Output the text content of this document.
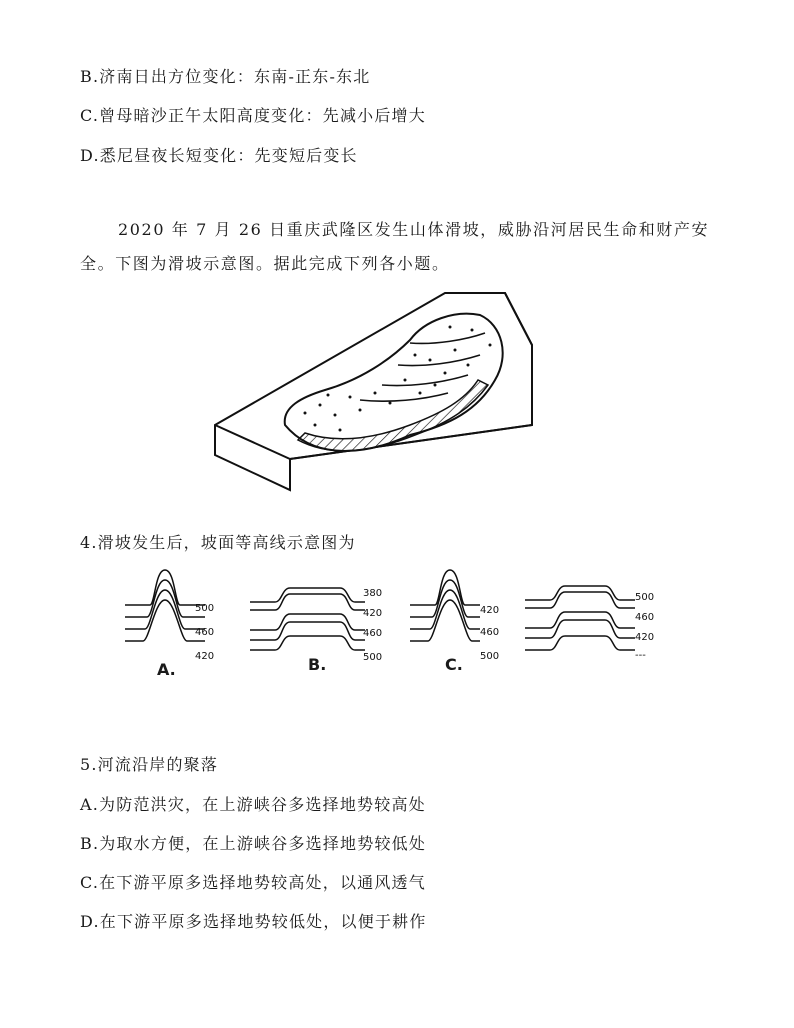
B.济南日出方位变化：东南-正东-东北
C.曾母暗沙正午太阳高度变化：先减小后增大
D.悉尼昼夜长短变化：先变短后变长
2020 年 7 月 26 日重庆武隆区发生山体滑坡，威胁沿河居民生命和财产安全。下图为滑坡示意图。据此完成下列各小题。
4.滑坡发生后，坡面等高线示意图为
500
460
420
A.
380
420
460
500
B.
420
460
500
C.
500
460
420
---
5.河流沿岸的聚落
A.为防范洪灾，在上游峡谷多选择地势较高处
B.为取水方便，在上游峡谷多选择地势较低处
C.在下游平原多选择地势较高处，以通风透气
D.在下游平原多选择地势较低处，以便于耕作
